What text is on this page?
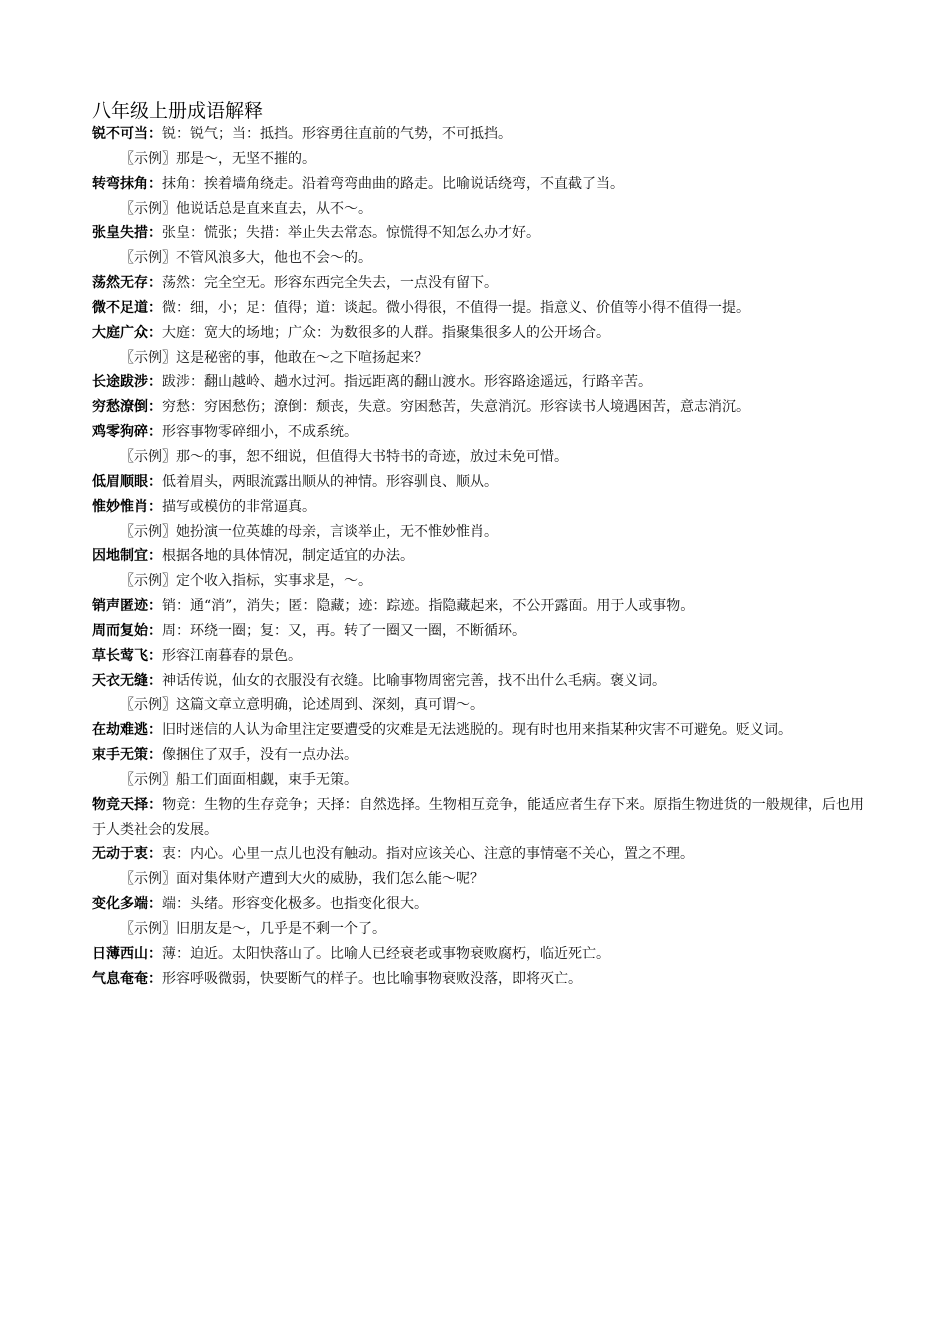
八年级上册成语解释

锐不可当：锐：锐气；当：抵挡。形容勇往直前的气势，不可抵挡。

〖示例〗那是～，无坚不摧的。

转弯抹角：抹角：挨着墙角绕走。沿着弯弯曲曲的路走。比喻说话绕弯，不直截了当。

〖示例〗他说话总是直来直去，从不～。

张皇失措：张皇：慌张；失措：举止失去常态。惊慌得不知怎么办才好。

〖示例〗不管风浪多大，他也不会～的。

荡然无存：荡然：完全空无。形容东西完全失去，一点没有留下。

微不足道：微：细，小；足：值得；道：谈起。微小得很，不值得一提。指意义、价值等小得不值得一提。

大庭广众：大庭：宽大的场地；广众：为数很多的人群。指聚集很多人的公开场合。

〖示例〗这是秘密的事，他敢在～之下喧扬起来？

长途跋涉：跋涉：翻山越岭、趟水过河。指远距离的翻山渡水。形容路途遥远，行路辛苦。

穷愁潦倒：穷愁：穷困愁伤；潦倒：颓丧，失意。穷困愁苦，失意消沉。形容读书人境遇困苦，意志消沉。

鸡零狗碎：形容事物零碎细小，不成系统。

〖示例〗那～的事，恕不细说，但值得大书特书的奇迹，放过未免可惜。

低眉顺眼：低着眉头，两眼流露出顺从的神情。形容驯良、顺从。

惟妙惟肖：描写或模仿的非常逼真。

〖示例〗她扮演一位英雄的母亲，言谈举止，无不惟妙惟肖。

因地制宜：根据各地的具体情况，制定适宜的办法。

〖示例〗定个收入指标，实事求是，～。

销声匿迹：销：通“消”，消失；匿：隐藏；迹：踪迹。指隐藏起来，不公开露面。用于人或事物。

周而复始：周：环绕一圈；复：又，再。转了一圈又一圈，不断循环。

草长莺飞：形容江南暮春的景色。

天衣无缝：神话传说，仙女的衣服没有衣缝。比喻事物周密完善，找不出什么毛病。褒义词。

〖示例〗这篇文章立意明确，论述周到、深刻，真可谓～。

在劫难逃：旧时迷信的人认为命里注定要遭受的灾难是无法逃脱的。现有时也用来指某种灾害不可避免。贬义词。

束手无策：像捆住了双手，没有一点办法。

〖示例〗船工们面面相觑，束手无策。

物竞天择：物竞：生物的生存竞争；天择：自然选择。生物相互竞争，能适应者生存下来。原指生物进货的一般规律，后也用于人类社会的发展。

无动于衷：衷：内心。心里一点儿也没有触动。指对应该关心、注意的事情毫不关心，置之不理。

〖示例〗面对集体财产遭到大火的威胁，我们怎么能～呢？

变化多端：端：头绪。形容变化极多。也指变化很大。

〖示例〗旧朋友是～，几乎是不剩一个了。

日薄西山：薄：迫近。太阳快落山了。比喻人已经衰老或事物衰败腐朽，临近死亡。

气息奄奄：形容呼吸微弱，快要断气的样子。也比喻事物衰败没落，即将灭亡。
